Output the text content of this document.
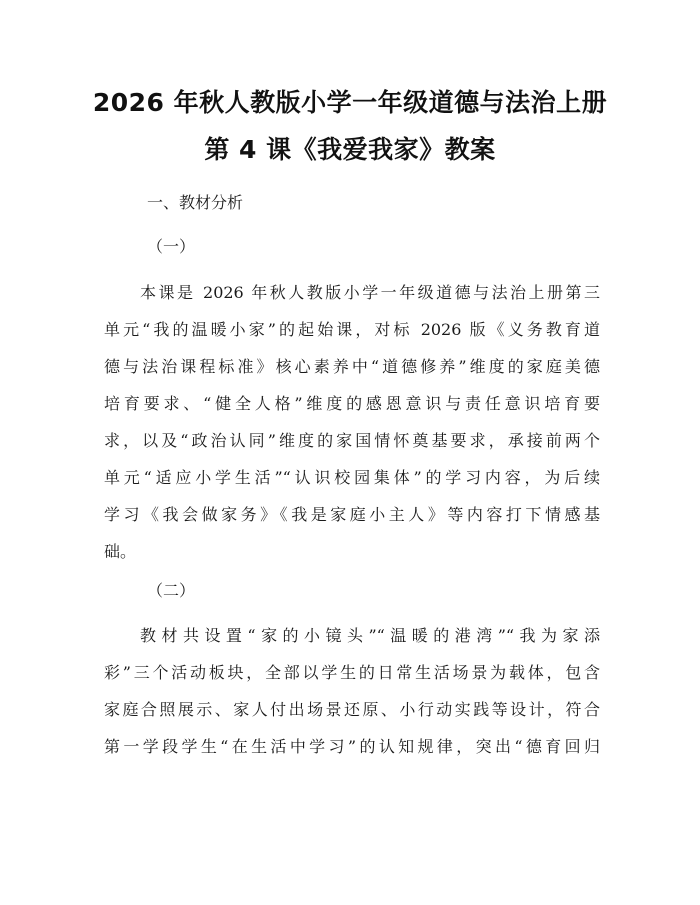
2026 年秋人教版小学一年级道德与法治上册
第 4 课《我爱我家》教案
一、教材分析
（一）
本课是 2026 年秋人教版小学一年级道德与法治上册第三
单元“我的温暖小家”的起始课，对标 2026 版《义务教育道
德与法治课程标准》核心素养中“道德修养”维度的家庭美德
培育要求、“健全人格”维度的感恩意识与责任意识培育要
求，以及“政治认同”维度的家国情怀奠基要求，承接前两个
单元“适应小学生活”“认识校园集体”的学习内容，为后续
学习《我会做家务》《我是家庭小主人》等内容打下情感基
础。
（二）
教材共设置“家的小镜头”“温暖的港湾”“我为家添
彩”三个活动板块，全部以学生的日常生活场景为载体，包含
家庭合照展示、家人付出场景还原、小行动实践等设计，符合
第一学段学生“在生活中学习”的认知规律，突出“德育回归
